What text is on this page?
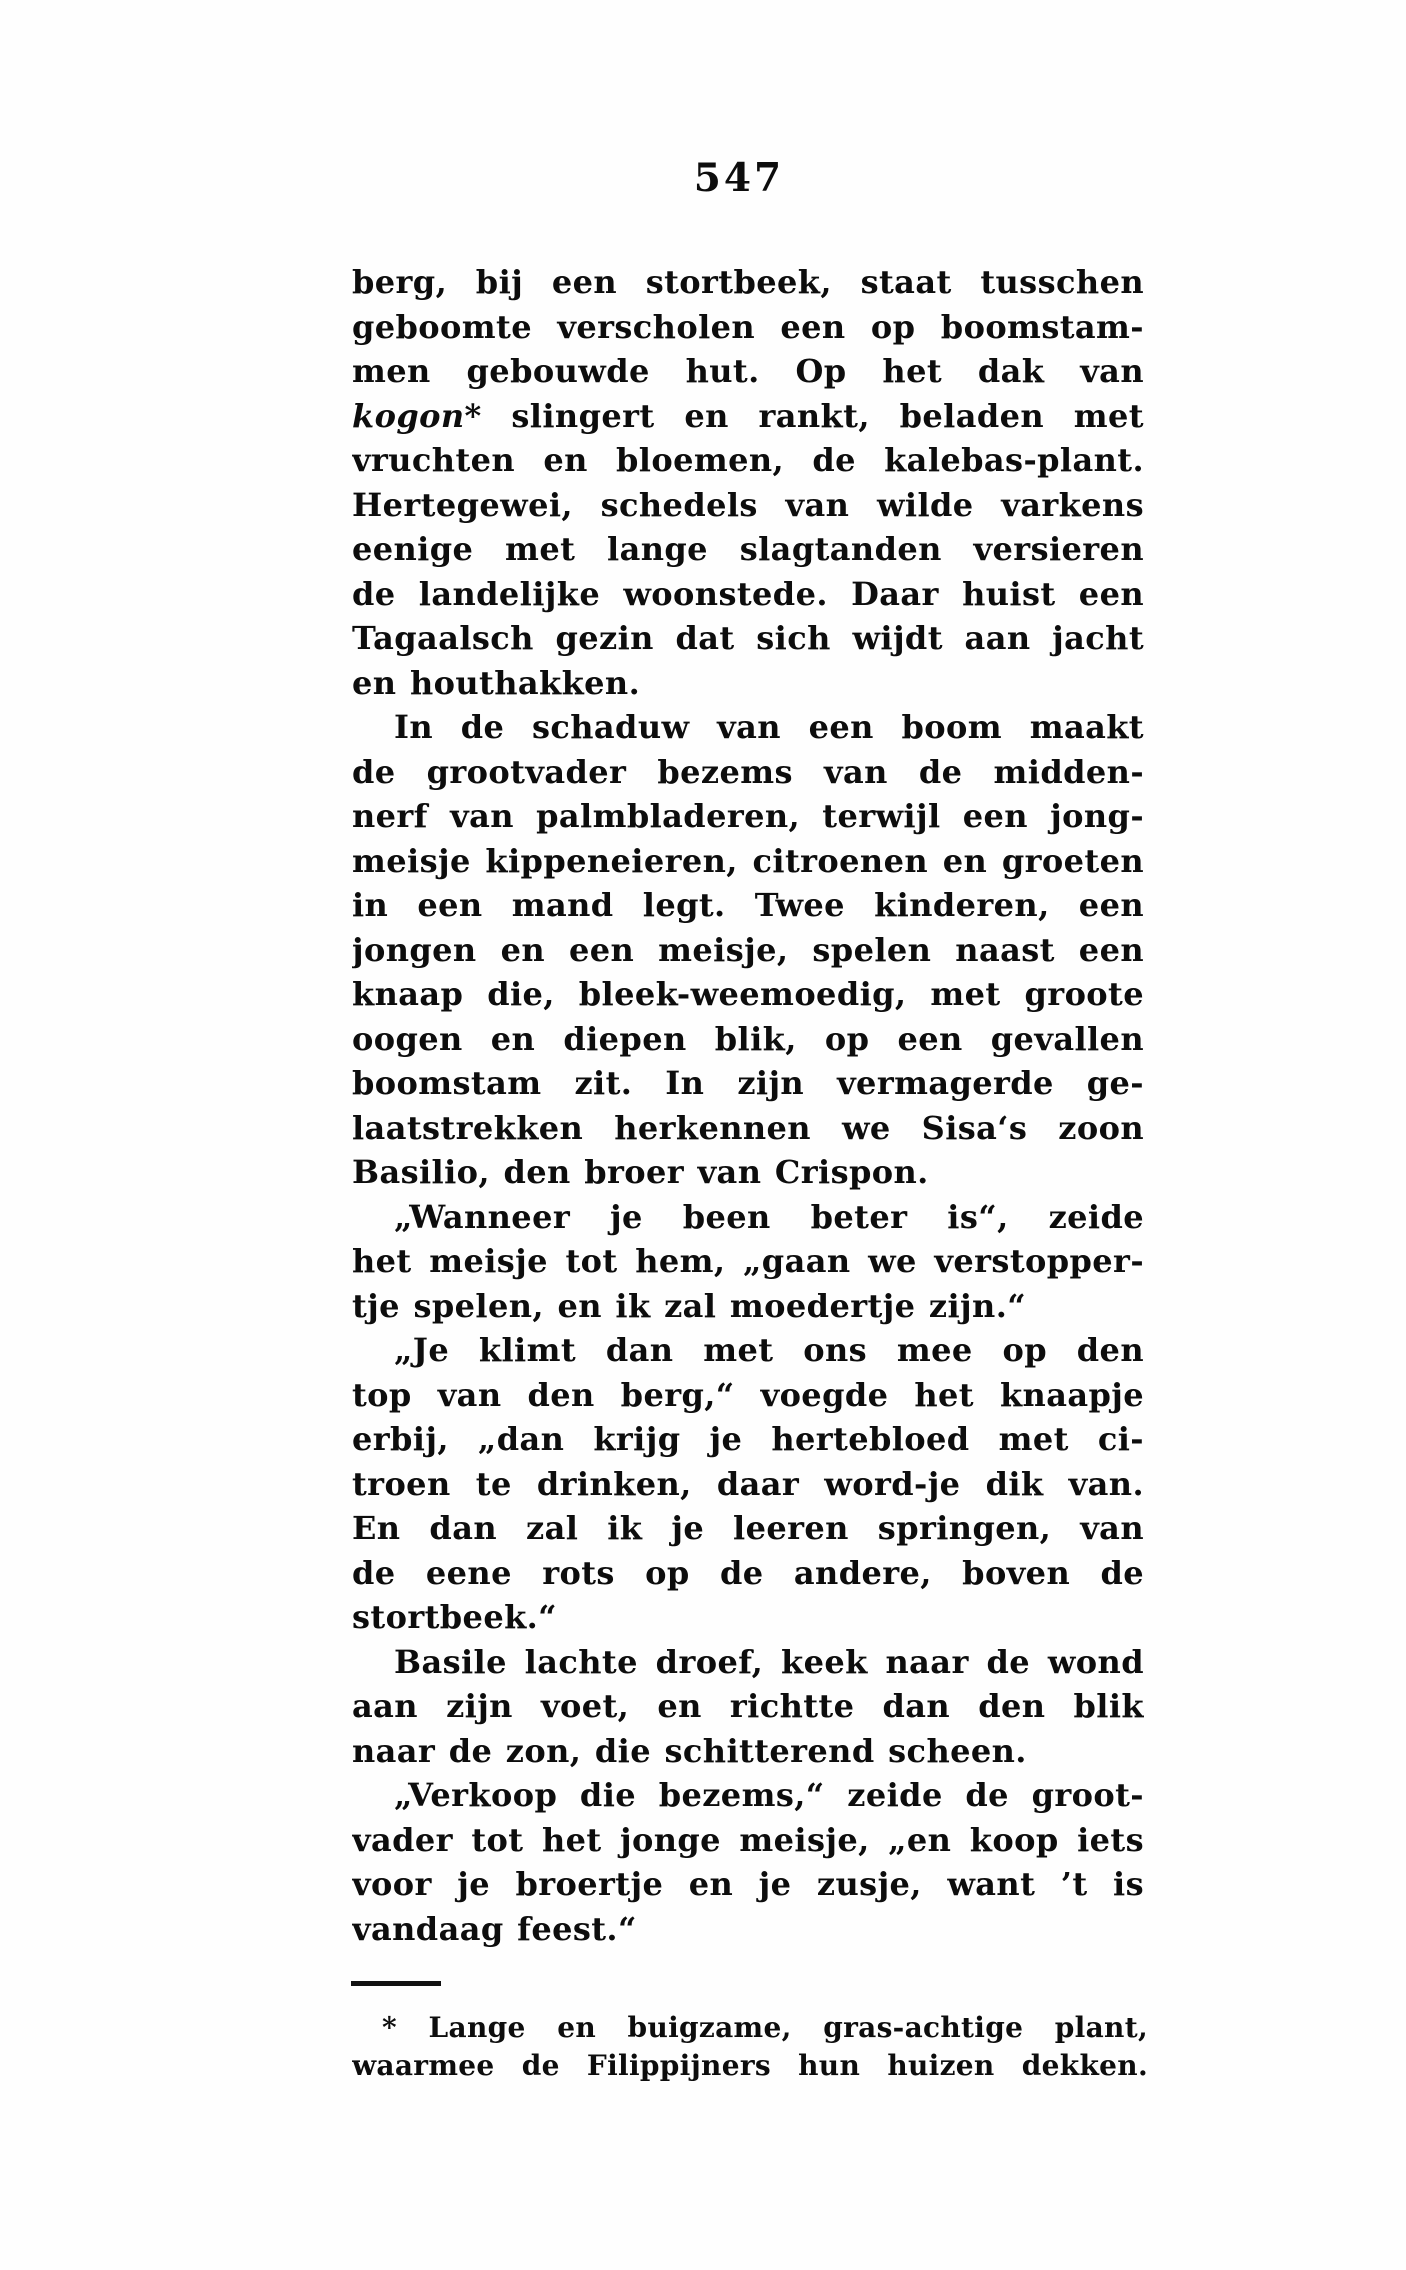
547
berg, bij een stortbeek, staat tusschen
geboomte verscholen een op boomstam-
men gebouwde hut. Op het dak van
kogon* slingert en rankt, beladen met
vruchten en bloemen, de kalebas-plant.
Hertegewei, schedels van wilde varkens
eenige met lange slagtanden versieren
de landelijke woonstede. Daar huist een
Tagaalsch gezin dat sich wijdt aan jacht
en houthakken.
In de schaduw van een boom maakt
de grootvader bezems van de midden-
nerf van palmbladeren, terwijl een jong-
meisje kippeneieren, citroenen en groeten
in een mand legt. Twee kinderen, een
jongen en een meisje, spelen naast een
knaap die, bleek-weemoedig, met groote
oogen en diepen blik, op een gevallen
boomstam zit. In zijn vermagerde ge-
laatstrekken herkennen we Sisa‘s zoon
Basilio, den broer van Crispon.
„Wanneer je been beter is“, zeide
het meisje tot hem, „gaan we verstopper-
tje spelen, en ik zal moedertje zijn.“
„Je klimt dan met ons mee op den
top van den berg,“ voegde het knaapje
erbij, „dan krijg je hertebloed met ci-
troen te drinken, daar word-je dik van.
En dan zal ik je leeren springen, van
de eene rots op de andere, boven de
stortbeek.“
Basile lachte droef, keek naar de wond
aan zijn voet, en richtte dan den blik
naar de zon, die schitterend scheen.
„Verkoop die bezems,“ zeide de groot-
vader tot het jonge meisje, „en koop iets
voor je broertje en je zusje, want ’t is
vandaag feest.“
* Lange en buigzame, gras-achtige plant,
waarmee de Filippijners hun huizen dekken.
